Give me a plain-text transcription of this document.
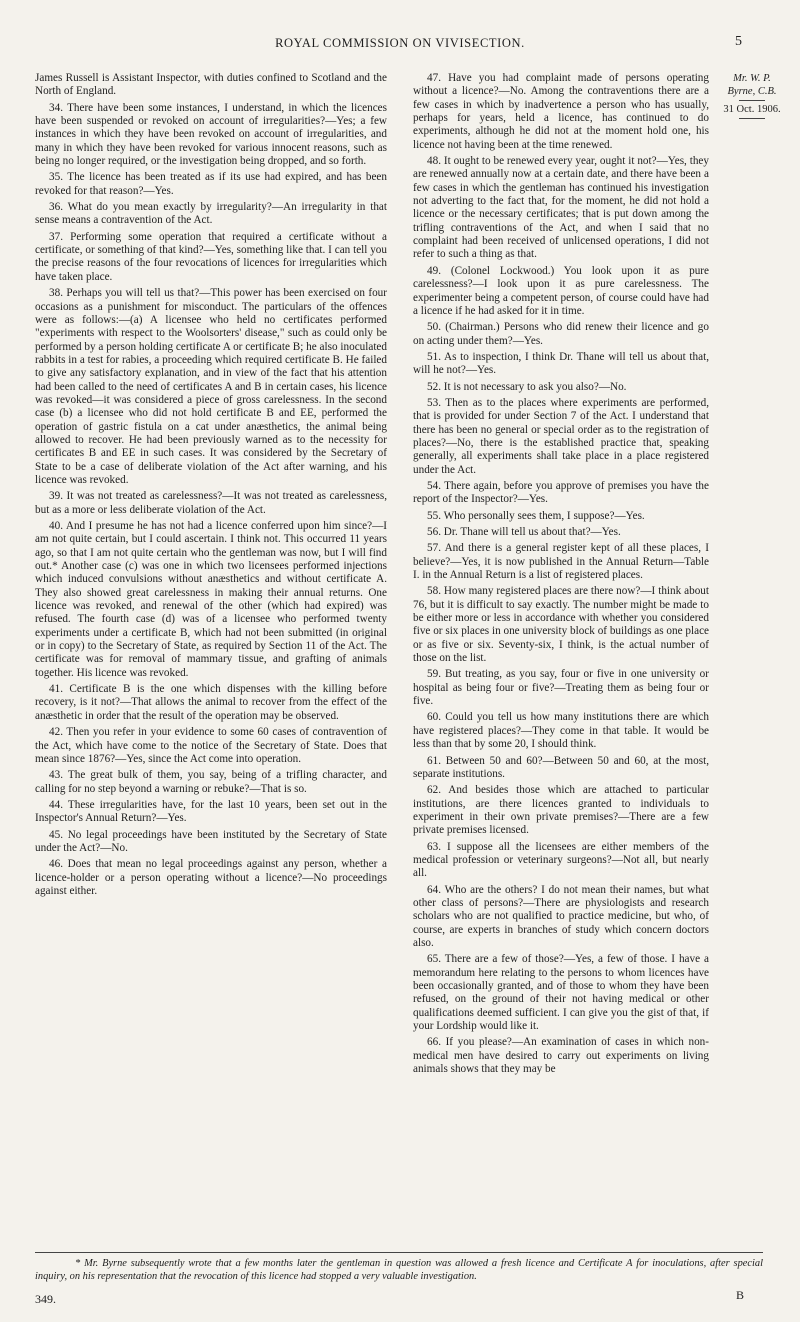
ROYAL COMMISSION ON VIVISECTION.	5

James Russell is Assistant Inspector, with duties confined to Scotland and the North of England.

34. There have been some instances, I understand, in which the licences have been suspended or revoked on account of irregularities?—Yes; a few instances in which they have been revoked on account of irregularities, and many in which they have been revoked for various innocent reasons, such as being no longer required, or the investigation being dropped, and so forth.

35. The licence has been treated as if its use had expired, and has been revoked for that reason?—Yes.

36. What do you mean exactly by irregularity?—An irregularity in that sense means a contravention of the Act.

37. Performing some operation that required a certificate without a certificate, or something of that kind?—Yes, something like that. I can tell you the precise reasons of the four revocations of licences for irregularities which have taken place.

38. Perhaps you will tell us that?—This power has been exercised on four occasions as a punishment for misconduct. The particulars of the offences were as follows:—(a) A licensee who held no certificates performed "experiments with respect to the Woolsorters' disease," such as could only be performed by a person holding certificate A or certificate B; he also inoculated rabbits in a test for rabies, a proceeding which required certificate B. He failed to give any satisfactory explanation, and in view of the fact that his attention had been called to the need of certificates A and B in certain cases, his licence was revoked—it was considered a piece of gross carelessness. In the second case (b) a licensee who did not hold certificate B and EE, performed the operation of gastric fistula on a cat under anæsthetics, the animal being allowed to recover. He had been previously warned as to the necessity for certificates B and EE in such cases. It was considered by the Secretary of State to be a case of deliberate violation of the Act after warning, and his licence was revoked.

39. It was not treated as carelessness?—It was not treated as carelessness, but as a more or less deliberate violation of the Act.

40. And I presume he has not had a licence conferred upon him since?—I am not quite certain, but I could ascertain. I think not. This occurred 11 years ago, so that I am not quite certain who the gentleman was now, but I will find out.* Another case (c) was one in which two licensees performed injections which induced convulsions without anæsthetics and without certificate A. They also showed great carelessness in making their annual returns. One licence was revoked, and renewal of the other (which had expired) was refused. The fourth case (d) was of a licensee who performed twenty experiments under a certificate B, which had not been submitted (in original or in copy) to the Secretary of State, as required by Section 11 of the Act. The certificate was for removal of mammary tissue, and grafting of animals together. His licence was revoked.

41. Certificate B is the one which dispenses with the killing before recovery, is it not?—That allows the animal to recover from the effect of the anæsthetic in order that the result of the operation may be observed.

42. Then you refer in your evidence to some 60 cases of contravention of the Act, which have come to the notice of the Secretary of State. Does that mean since 1876?—Yes, since the Act come into operation.

43. The great bulk of them, you say, being of a trifling character, and calling for no step beyond a warning or rebuke?—That is so.

44. These irregularities have, for the last 10 years, been set out in the Inspector's Annual Return?—Yes.

45. No legal proceedings have been instituted by the Secretary of State under the Act?—No.

46. Does that mean no legal proceedings against any person, whether a licence-holder or a person operating without a licence?—No proceedings against either.

47. Have you had complaint made of persons operating without a licence?—No. Among the contraventions there are a few cases in which by inadvertence a person who has usually, perhaps for years, held a licence, has continued to do experiments, although he did not at the moment hold one, his licence not having been at the time renewed.

48. It ought to be renewed every year, ought it not?—Yes, they are renewed annually now at a certain date, and there have been a few cases in which the gentleman has continued his investigation not adverting to the fact that, for the moment, he did not hold a licence or the necessary certificates; that is put down among the trifling contraventions of the Act, and when I said that no complaint had been received of unlicensed operations, I did not refer to such a thing as that.

49. (Colonel Lockwood.) You look upon it as pure carelessness?—I look upon it as pure carelessness. The experimenter being a competent person, of course could have had a licence if he had asked for it in time.

50. (Chairman.) Persons who did renew their licence and go on acting under them?—Yes.

51. As to inspection, I think Dr. Thane will tell us about that, will he not?—Yes.

52. It is not necessary to ask you also?—No.

53. Then as to the places where experiments are performed, that is provided for under Section 7 of the Act. I understand that there has been no general or special order as to the registration of places?—No, there is the established practice that, speaking generally, all experiments shall take place in a place registered under the Act.

54. There again, before you approve of premises you have the report of the Inspector?—Yes.

55. Who personally sees them, I suppose?—Yes.

56. Dr. Thane will tell us about that?—Yes.

57. And there is a general register kept of all these places, I believe?—Yes, it is now published in the Annual Return—Table I. in the Annual Return is a list of registered places.

58. How many registered places are there now?—I think about 76, but it is difficult to say exactly. The number might be made to be either more or less in accordance with whether you considered five or six places in one university block of buildings as one place or as five or six. Seventy-six, I think, is the actual number of those on the list.

59. But treating, as you say, four or five in one university or hospital as being four or five?—Treating them as being four or five.

60. Could you tell us how many institutions there are which have registered places?—They come in that table. It would be less than that by some 20, I should think.

61. Between 50 and 60?—Between 50 and 60, at the most, separate institutions.

62. And besides those which are attached to particular institutions, are there licences granted to individuals to experiment in their own private premises?—There are a few private premises licensed.

63. I suppose all the licensees are either members of the medical profession or veterinary surgeons?—Not all, but nearly all.

64. Who are the others? I do not mean their names, but what other class of persons?—There are physiologists and research scholars who are not qualified to practice medicine, but who, of course, are experts in branches of study which concern doctors also.

65. There are a few of those?—Yes, a few of those. I have a memorandum here relating to the persons to whom licences have been occasionally granted, and of those to whom they have been refused, on the ground of their not having medical or other qualifications deemed sufficient. I can give you the gist of that, if your Lordship would like it.

66. If you please?—An examination of cases in which non-medical men have desired to carry out experiments on living animals shows that they may be

Mr. W. P.
Byrne, C.B.
31 Oct. 1906.
* Mr. Byrne subsequently wrote that a few months later the gentleman in question was allowed a fresh licence and Certificate A for inoculations, after special inquiry, on his representation that the revocation of this licence had stopped a very valuable investigation.
349.	B
